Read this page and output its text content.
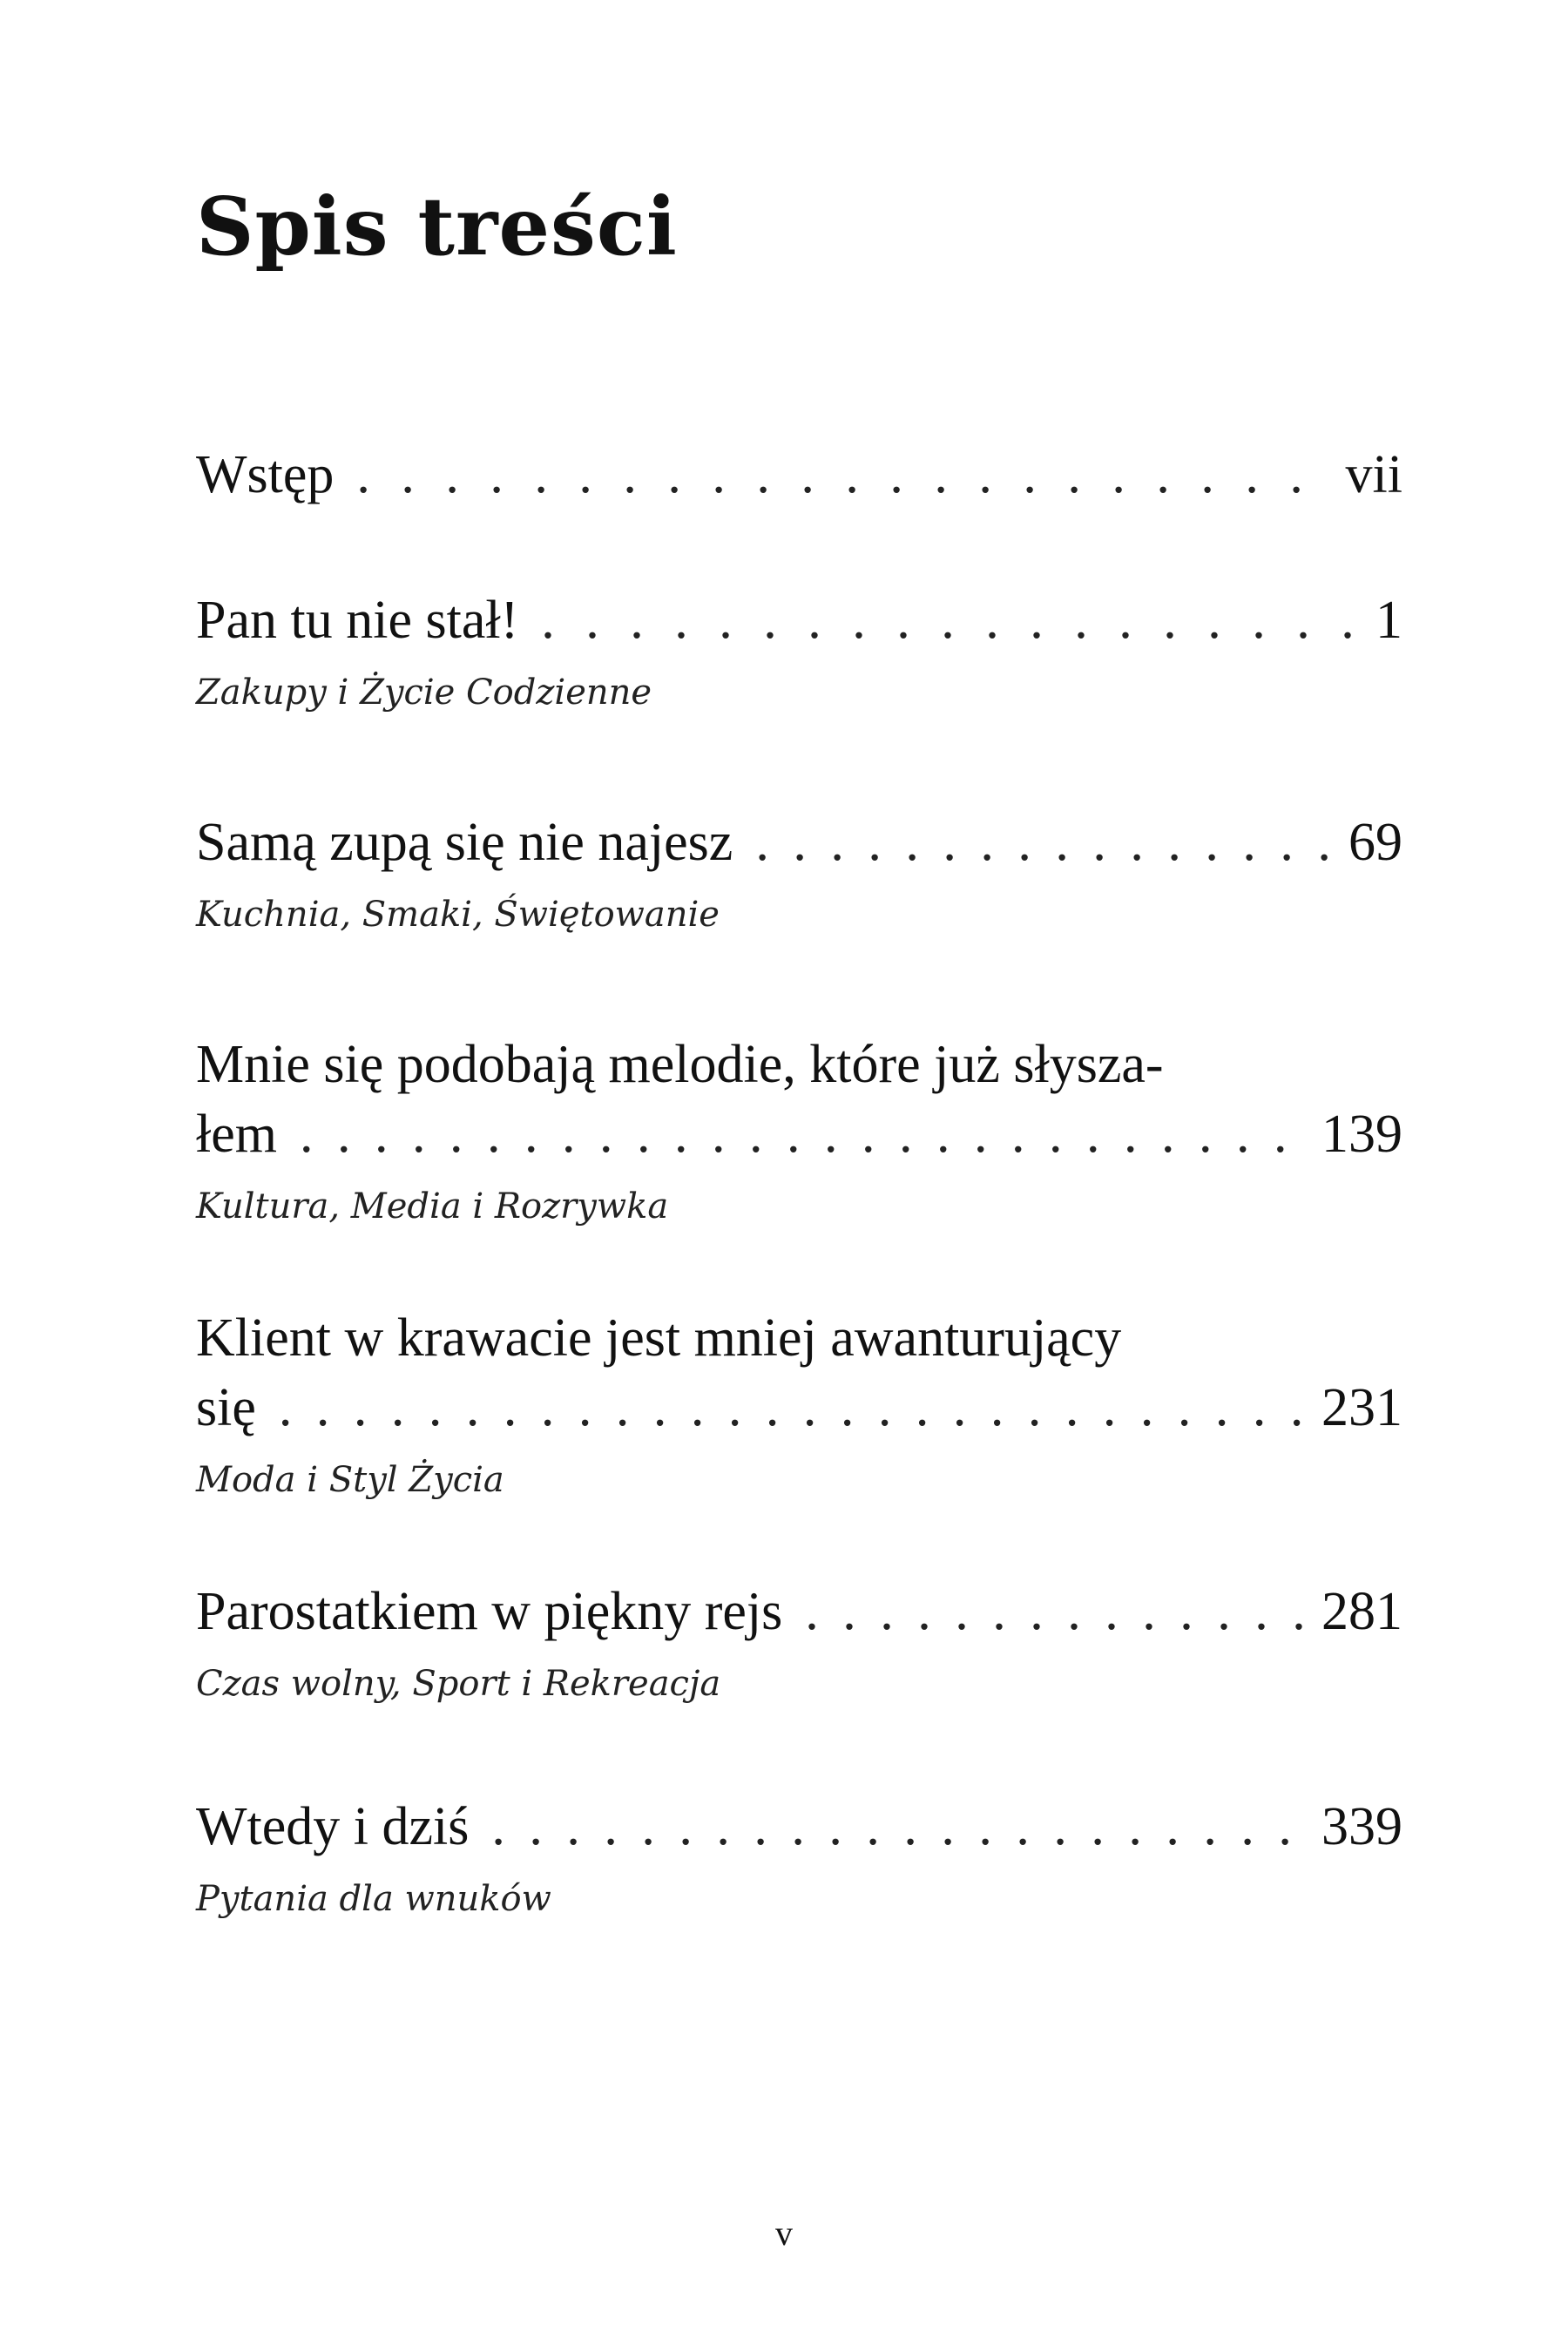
Spis treści
Wstęp . . .	vii
Pan tu nie stał! . . .	1
Zakupy i Życie Codzienne
Samą zupą się nie najesz . . .	69
Kuchnia, Smaki, Świętowanie
Mnie się podobają melodie, które już słysza-
łem . . .	139
Kultura, Media i Rozrywka
Klient w krawacie jest mniej awanturujący
się . . .	231
Moda i Styl Życia
Parostatkiem w piękny rejs . . .	281
Czas wolny, Sport i Rekreacja
Wtedy i dziś . . .	339
Pytania dla wnuków
v
